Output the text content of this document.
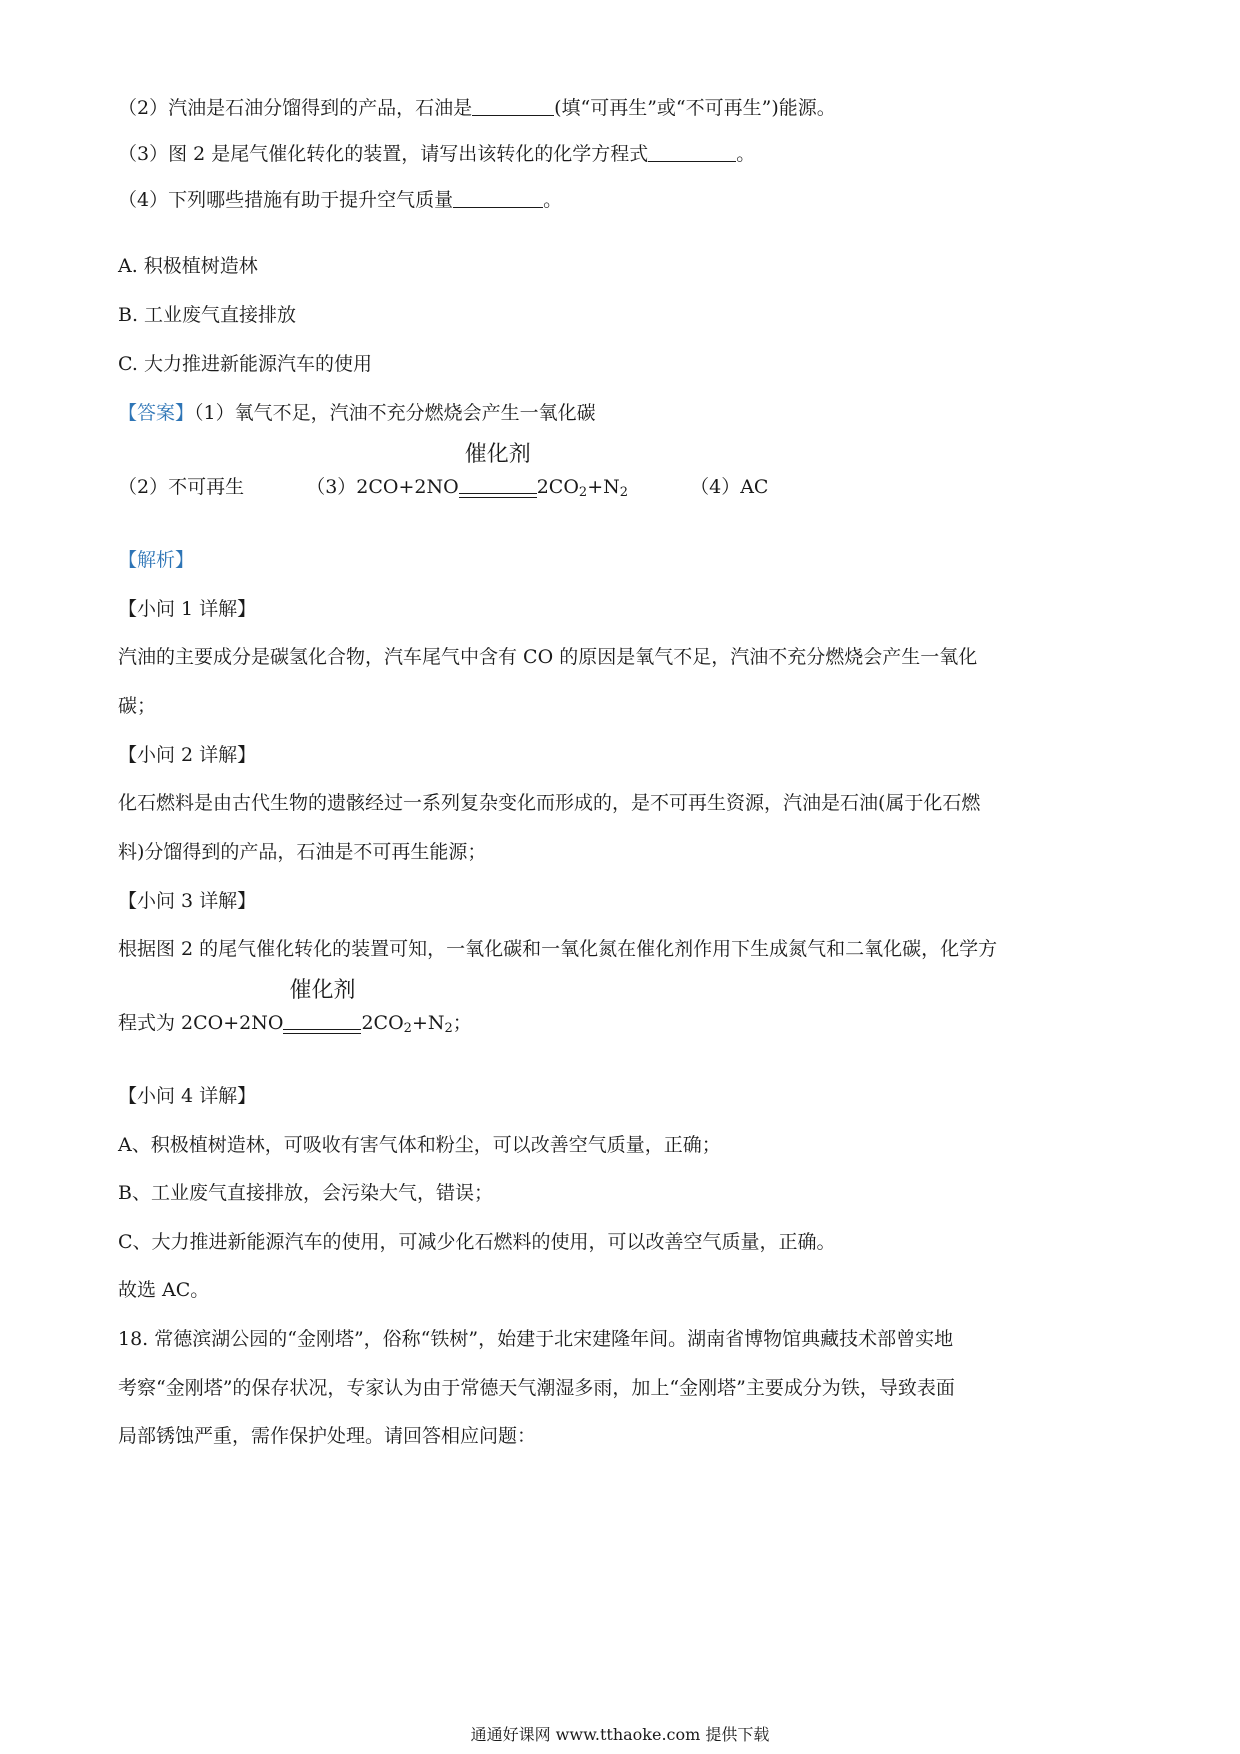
（2）汽油是石油分馏得到的产品，石油是	(填“可再生”或“不可再生”)能源。
（3）图 2 是尾气催化转化的装置，请写出该转化的化学方程式	。
（4）下列哪些措施有助于提升空气质量	。
A. 积极植树造林
B. 工业废气直接排放
C. 大力推进新能源汽车的使用
【答案】（1）氧气不足，汽油不充分燃烧会产生一氧化碳
（2）不可再生	（3）2CO+2NO
催化剂
$2CO_2+N_2$	（4）AC
【解析】
【小问 1 详解】
汽油的主要成分是碳氢化合物，汽车尾气中含有 CO 的原因是氧气不足，汽油不充分燃烧会产生一氧化
碳；
【小问 2 详解】
化石燃料是由古代生物的遗骸经过一系列复杂变化而形成的，是不可再生资源，汽油是石油(属于化石燃
料)分馏得到的产品，石油是不可再生能源；
【小问 3 详解】
根据图 2 的尾气催化转化的装置可知，一氧化碳和一氧化氮在催化剂作用下生成氮气和二氧化碳，化学方
程式为 2CO+2NO
催化剂
$2CO_2+N_2$；
【小问 4 详解】
A、积极植树造林，可吸收有害气体和粉尘，可以改善空气质量，正确；
B、工业废气直接排放，会污染大气，错误；
C、大力推进新能源汽车的使用，可减少化石燃料的使用，可以改善空气质量，正确。
故选 AC。
18. 常德滨湖公园的“金刚塔”，俗称“铁树”，始建于北宋建隆年间。湖南省博物馆典藏技术部曾实地
考察“金刚塔”的保存状况，专家认为由于常德天气潮湿多雨，加上“金刚塔”主要成分为铁，导致表面
局部锈蚀严重，需作保护处理。请回答相应问题：
通通好课网 www.tthaoke.com 提供下载
